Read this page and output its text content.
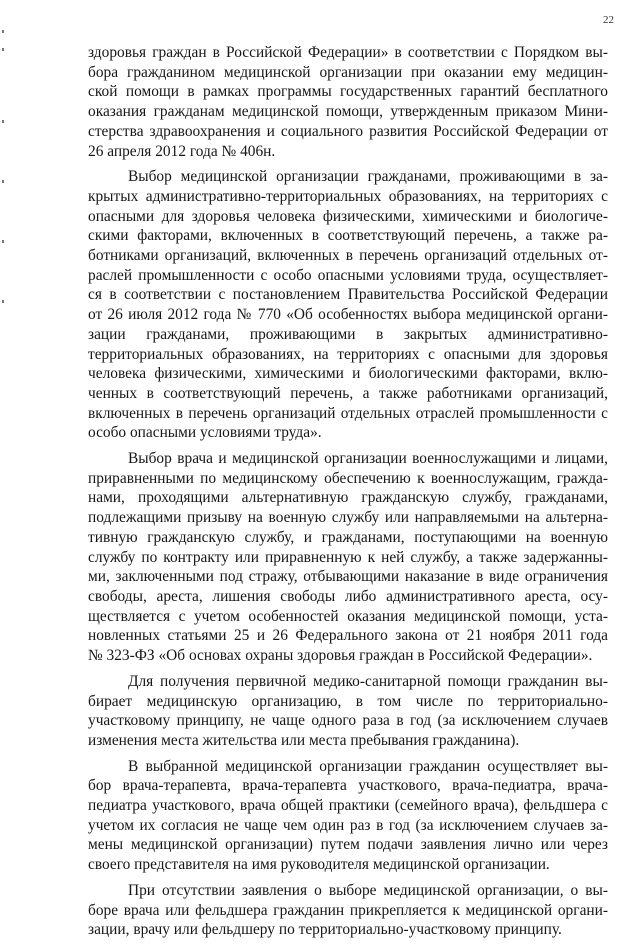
22
здоровья граждан в Российской Федерации» в соответствии с Порядком вы-
бора гражданином медицинской организации при оказании ему медицин-
ской помощи в рамках программы государственных гарантий бесплатного
оказания гражданам медицинской помощи, утвержденным приказом Мини-
стерства здравоохранения и социального развития Российской Федерации от
26 апреля 2012 года № 406н.
Выбор медицинской организации гражданами, проживающими в за-
крытых административно-территориальных образованиях, на территориях с
опасными для здоровья человека физическими, химическими и биологиче-
скими факторами, включенных в соответствующий перечень, а также ра-
ботниками организаций, включенных в перечень организаций отдельных от-
раслей промышленности с особо опасными условиями труда, осуществляет-
ся в соответствии с постановлением Правительства Российской Федерации
от 26 июля 2012 года № 770 «Об особенностях выбора медицинской органи-
зации гражданами, проживающими в закрытых административно-
территориальных образованиях, на территориях с опасными для здоровья
человека физическими, химическими и биологическими факторами, вклю-
ченных в соответствующий перечень, а также работниками организаций,
включенных в перечень организаций отдельных отраслей промышленности с
особо опасными условиями труда».
Выбор врача и медицинской организации военнослужащими и лицами,
приравненными по медицинскому обеспечению к военнослужащим, гражда-
нами, проходящими альтернативную гражданскую службу, гражданами,
подлежащими призыву на военную службу или направляемыми на альтерна-
тивную гражданскую службу, и гражданами, поступающими на военную
службу по контракту или приравненную к ней службу, а также задержанны-
ми, заключенными под стражу, отбывающими наказание в виде ограничения
свободы, ареста, лишения свободы либо административного ареста, осу-
ществляется с учетом особенностей оказания медицинской помощи, уста-
новленных статьями 25 и 26 Федерального закона от 21 ноября 2011 года
№ 323-ФЗ «Об основах охраны здоровья граждан в Российской Федерации».
Для получения первичной медико-санитарной помощи гражданин вы-
бирает медицинскую организацию, в том числе по территориально-
участковому принципу, не чаще одного раза в год (за исключением случаев
изменения места жительства или места пребывания гражданина).
В выбранной медицинской организации гражданин осуществляет вы-
бор врача-терапевта, врача-терапевта участкового, врача-педиатра, врача-
педиатра участкового, врача общей практики (семейного врача), фельдшера с
учетом их согласия не чаще чем один раз в год (за исключением случаев за-
мены медицинской организации) путем подачи заявления лично или через
своего представителя на имя руководителя медицинской организации.
При отсутствии заявления о выборе медицинской организации, о вы-
боре врача или фельдшера гражданин прикрепляется к медицинской органи-
зации, врачу или фельдшеру по территориально-участковому принципу.
